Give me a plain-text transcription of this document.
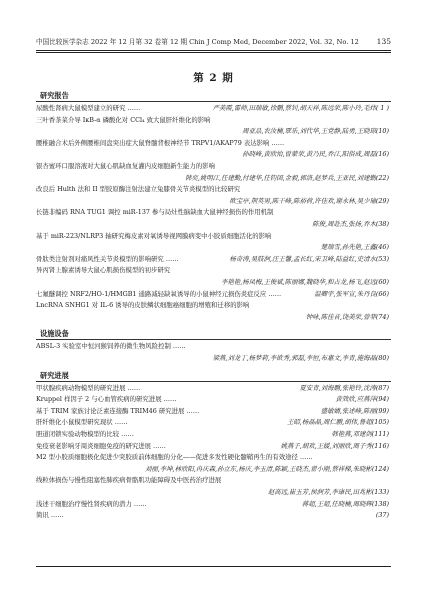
中国比较医学杂志 2022 年 12 月第 32 卷第 12 期 Chin J Comp Med, December 2022, Vol. 32, No. 12 135
第 2 期
研究报告
尿酸性肾病大鼠模型建立的研究 ……	严美霞,雷帅,田瑞敏,徐鹏,蔡钊,胡天祥,陈远荣,陈小玲,毛炜( 1 )
三叶香茶菜介导 IκB-α 磷酸化对 CCl₄ 致大鼠肝纤维化的影响
周亚品,农汝楠,覃乐,刘代华,王党静,陆勇,王晓琼(10)
腰椎融合术后外侧腰椎间盘突出症大鼠脊髓背根神经节 TRPV1/AKAP79 表达影响 ……
孙晓峰,黄欣怡,曾蒙荣,黄乃民,乔江,阳俗成,周磊(16)
银杏蜜环口服溶液对大鼠心肌缺血复灌内皮细胞新生能力的影响
韩奕,姚明江,任建勤,付建华,任钧国,金毅,郭洛,赵梦兵,王亚民,刘建勤(22)
改良后 Hulth 法和 II 型胶原酶注射法建立兔膝骨关节炎模型的比较研究
欧宝亭,荆英男,陈干峰,陈裕荷,许佳欢,谢永林,吴少瑜(29)
长链非编码 RNA TUG1 调控 miR-137 参与局灶性脑缺血大鼠神经损伤的作用机制
陈俊,周赴杰,张扬,乔木(38)
基于 miR-223/NLRP3 轴研究梅皮素对氧诱导视网膜病变中小胶质细胞活化的影响
楚瑞雪,孙先艳,王鑫(46)
骨肽类注射剂对痛风性关节炎模型的影响研究 ……	杨奇涛,吴肢润,汪王馨,孟长红,宋卫峰,陆益红,史清水(53)
异丙肾上腺素诱导大鼠心肌损伤模型的初步研究
李艳艳,杨凤梅,王俊斌,陈丽娜,魏晓华,和占龙,杨飞,赵远(60)
七氟醚调控 NRF2/HO-1/HMGB1 通路减轻缺氧诱导的小鼠神经元损伤炎症反应 ……	温卿宇,张军宣,朱丹良(66)
LncRNA SNHG1 对 IL-6 诱导的皮肤鳞状细胞癌细胞的增殖和迁移的影响
钟咏,陈佳音,饶美荣,曾菲(74)
设施设备
ABSL-3 实验室中恒河猴饲养的微生物风险控制 ……
梁燕,刘龙丁,杨梦莉,李欲秀,郭磊,李恒,布惠文,李青,施海晶(80)
研究进展
甲状腺疾病动物模型的研究进展 ……	夏安青,刘海鹏,张艳铃,沈涛(87)
Kruppel 样因子 2 与心血管疾病的研究进展 ……	黄效欣,应燕萍(94)
基于 TRIM 家族讨论泛素连接酶 TRIM46 研究进展 ……	盛敏婧,张述峰,陈丽(99)
肝纤维化小鼠模型研究现状 ……	王昭,杨晶晶,周仁鹏,胡伟,鲁超(105)
胆道闭锁实验动物模型的比较 ……	韩艳燕,邓建剑(111)
免疫衰老影响牙周炎细胞免疫的研究进展 ……	姚燕子,胡欢,王媛,刘丽欣,周子秀(116)
M2 型小胶质细胞极化促进少突胶质前体细胞的分化——促进多发性硬化髓鞘再生的有效途径 ……
刘丽,李坤,林欣阳,冉庆森,孙立东,杨庆,李玉清,陈颖,王晓杰,翟小刚,蔡祥梯,朱晓彬(124)
线粒体损伤与慢性阻塞性肺疾病骨骼肌功能障碍及中医药治疗进展
赵高远,崔玉芳,侯润芳,李康民,田兆彬(133)
浅述干细胞治疗慢性肾疾病的潜力 ……	蒋超,王超,任晓楠,周晓辉(138)
简讯 ……	(37)
